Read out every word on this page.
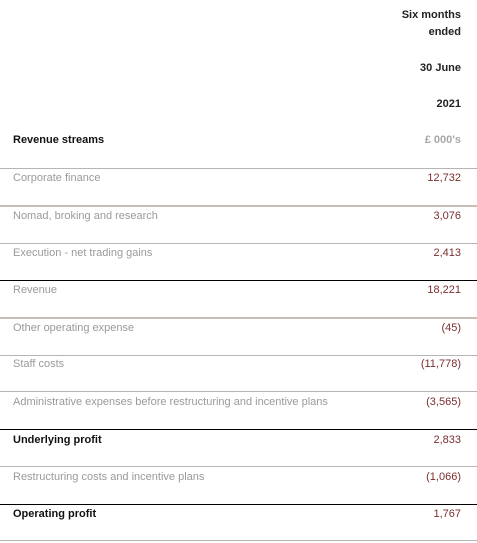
Six months
ended
30 June
2021
Revenue streams	£ 000's
Corporate finance	12,732
Nomad, broking and research	3,076
Execution - net trading gains	2,413
Revenue	18,221
Other operating expense	(45)
Staff costs	(11,778)
Administrative expenses before restructuring and incentive plans	(3,565)
Underlying profit	2,833
Restructuring costs and incentive plans	(1,066)
Operating profit	1,767
